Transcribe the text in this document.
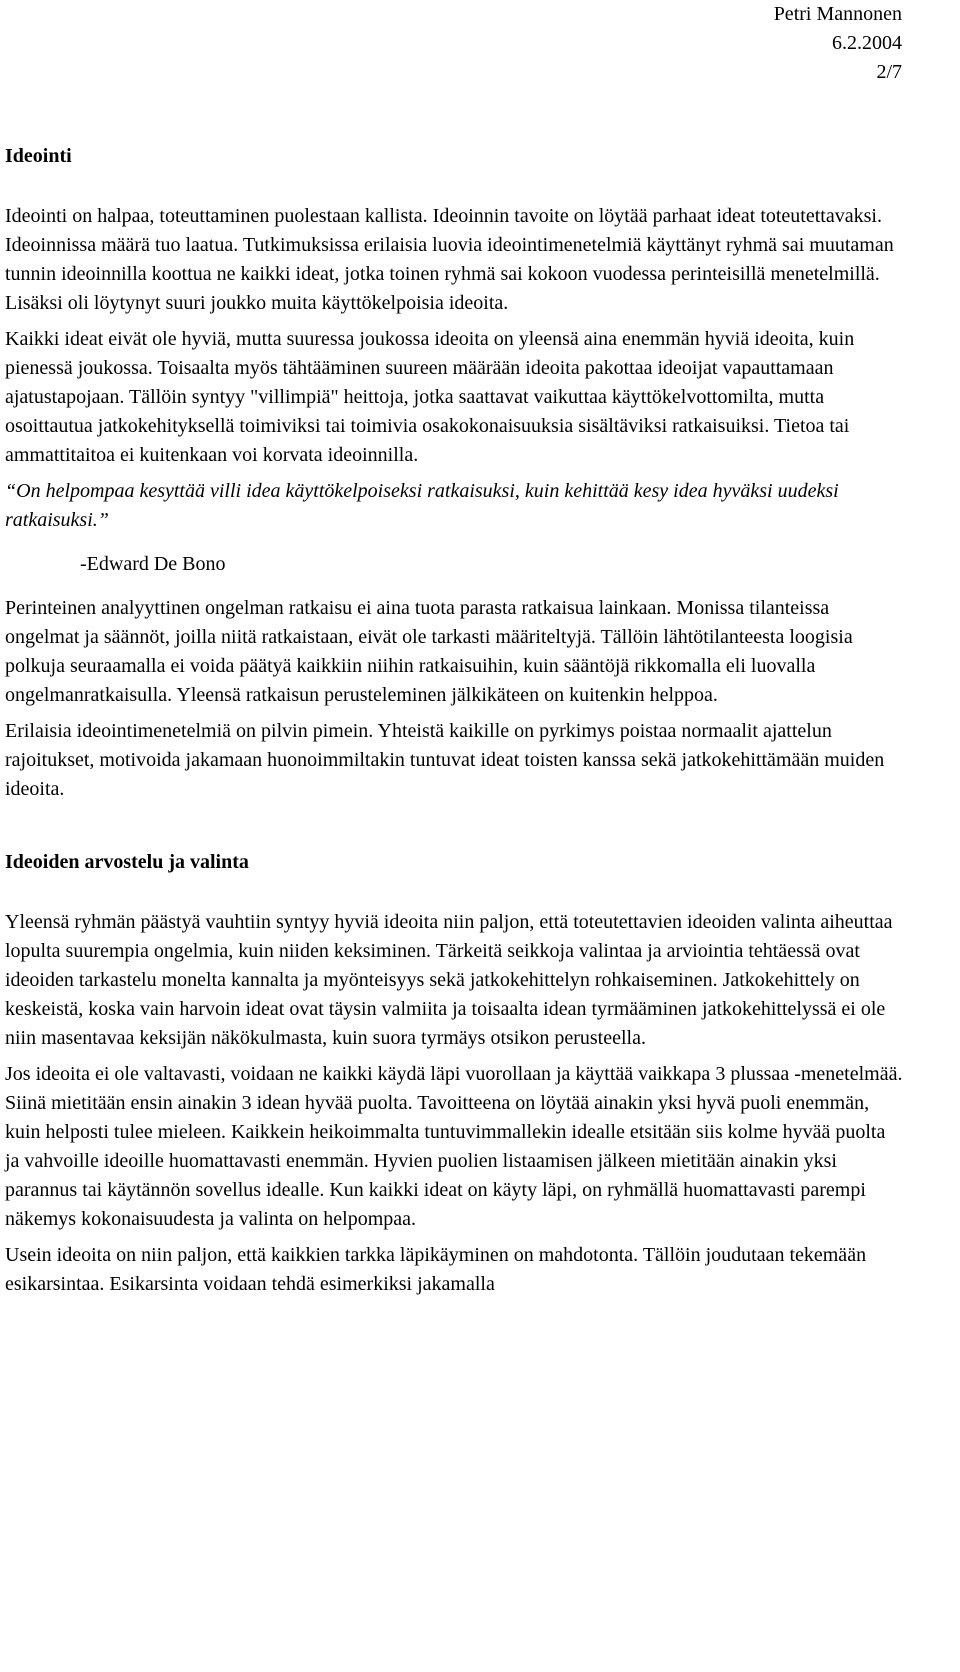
Petri Mannonen
6.2.2004
2/7
Ideointi

Ideointi on halpaa, toteuttaminen puolestaan kallista. Ideoinnin tavoite on löytää parhaat ideat toteutettavaksi. Ideoinnissa määrä tuo laatua. Tutkimuksissa erilaisia luovia ideointimenetelmiä käyttänyt ryhmä sai muutaman tunnin ideoinnilla koottua ne kaikki ideat, jotka toinen ryhmä sai kokoon vuodessa perinteisillä menetelmillä. Lisäksi oli löytynyt suuri joukko muita käyttökelpoisia ideoita.

Kaikki ideat eivät ole hyviä, mutta suuressa joukossa ideoita on yleensä aina enemmän hyviä ideoita, kuin pienessä joukossa. Toisaalta myös tähtääminen suureen määrään ideoita pakottaa ideoijat vapauttamaan ajatustapojaan. Tällöin syntyy "villimpiä" heittoja, jotka saattavat vaikuttaa käyttökelvottomilta, mutta osoittautua jatkokehityksellä toimiviksi tai toimivia osakokonaisuuksia sisältäviksi ratkaisuiksi. Tietoa tai ammattitaitoa ei kuitenkaan voi korvata ideoinnilla.

“On helpompaa kesyttää villi idea käyttökelpoiseksi ratkaisuksi, kuin kehittää kesy idea hyväksi uudeksi ratkaisuksi.”

-Edward De Bono

Perinteinen analyyttinen ongelman ratkaisu ei aina tuota parasta ratkaisua lainkaan. Monissa tilanteissa ongelmat ja säännöt, joilla niitä ratkaistaan, eivät ole tarkasti määriteltyjä. Tällöin lähtötilanteesta loogisia polkuja seuraamalla ei voida päätyä kaikkiin niihin ratkaisuihin, kuin sääntöjä rikkomalla eli luovalla ongelmanratkaisulla. Yleensä ratkaisun perusteleminen jälkikäteen on kuitenkin helppoa.

Erilaisia ideointimenetelmiä on pilvin pimein. Yhteistä kaikille on pyrkimys poistaa normaalit ajattelun rajoitukset, motivoida jakamaan huonoimmiltakin tuntuvat ideat toisten kanssa sekä jatkokehittämään muiden ideoita.

Ideoiden arvostelu ja valinta

Yleensä ryhmän päästyä vauhtiin syntyy hyviä ideoita niin paljon, että toteutettavien ideoiden valinta aiheuttaa lopulta suurempia ongelmia, kuin niiden keksiminen. Tärkeitä seikkoja valintaa ja arviointia tehtäessä ovat ideoiden tarkastelu monelta kannalta ja myönteisyys sekä jatkokehittelyn rohkaiseminen. Jatkokehittely on keskeistä, koska vain harvoin ideat ovat täysin valmiita ja toisaalta idean tyrmääminen jatkokehittelyssä ei ole niin masentavaa keksijän näkökulmasta, kuin suora tyrmäys otsikon perusteella.

Jos ideoita ei ole valtavasti, voidaan ne kaikki käydä läpi vuorollaan ja käyttää vaikkapa 3 plussaa -menetelmää. Siinä mietitään ensin ainakin 3 idean hyvää puolta. Tavoitteena on löytää ainakin yksi hyvä puoli enemmän, kuin helposti tulee mieleen. Kaikkein heikoimmalta tuntuvimmallekin idealle etsitään siis kolme hyvää puolta ja vahvoille ideoille huomattavasti enemmän. Hyvien puolien listaamisen jälkeen mietitään ainakin yksi parannus tai käytännön sovellus idealle. Kun kaikki ideat on käyty läpi, on ryhmällä huomattavasti parempi näkemys kokonaisuudesta ja valinta on helpompaa.

Usein ideoita on niin paljon, että kaikkien tarkka läpikäyminen on mahdotonta. Tällöin joudutaan tekemään esikarsintaa. Esikarsinta voidaan tehdä esimerkiksi jakamalla
